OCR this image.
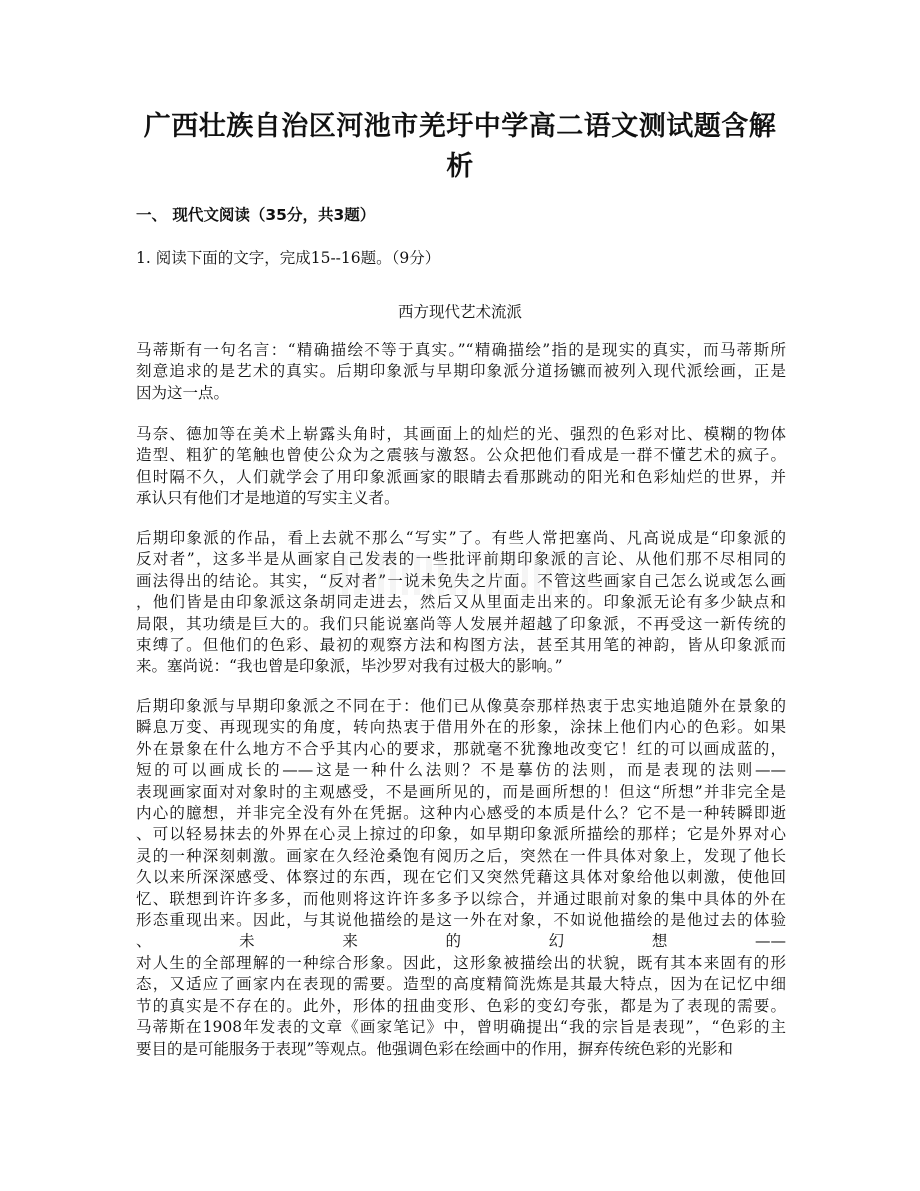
广西壮族自治区河池市羌圩中学高二语文测试题含解
析
一、 现代文阅读（35分，共3题）
1. 阅读下面的文字，完成15--16题。（9分）
西方现代艺术流派
马蒂斯有一句名言：“精确描绘不等于真实。”“精确描绘”指的是现实的真实，而马蒂斯所
刻意追求的是艺术的真实。后期印象派与早期印象派分道扬镳而被列入现代派绘画，正是
因为这一点。
马奈、德加等在美术上崭露头角时，其画面上的灿烂的光、强烈的色彩对比、模糊的物体
造型、粗犷的笔触也曾使公众为之震骇与激怒。公众把他们看成是一群不懂艺术的疯子。
但时隔不久，人们就学会了用印象派画家的眼睛去看那跳动的阳光和色彩灿烂的世界，并
承认只有他们才是地道的写实主义者。
后期印象派的作品，看上去就不那么“写实”了。有些人常把塞尚、凡高说成是“印象派的
反对者”，这多半是从画家自己发表的一些批评前期印象派的言论、从他们那不尽相同的
画法得出的结论。其实，“反对者”一说未免失之片面。不管这些画家自己怎么说或怎么画
，他们皆是由印象派这条胡同走进去，然后又从里面走出来的。印象派无论有多少缺点和
局限，其功绩是巨大的。我们只能说塞尚等人发展并超越了印象派，不再受这一新传统的
束缚了。但他们的色彩、最初的观察方法和构图方法，甚至其用笔的神韵，皆从印象派而
来。塞尚说：“我也曾是印象派，毕沙罗对我有过极大的影响。”
后期印象派与早期印象派之不同在于：他们已从像莫奈那样热衷于忠实地追随外在景象的
瞬息万变、再现现实的角度，转向热衷于借用外在的形象，涂抹上他们内心的色彩。如果
外在景象在什么地方不合乎其内心的要求，那就毫不犹豫地改变它！红的可以画成蓝的，
短的可以画成长的——这是一种什么法则？不是摹仿的法则，而是表现的法则——
表现画家面对对象时的主观感受，不是画所见的，而是画所想的！但这“所想”并非完全是
内心的臆想，并非完全没有外在凭据。这种内心感受的本质是什么？它不是一种转瞬即逝
、可以轻易抹去的外界在心灵上掠过的印象，如早期印象派所描绘的那样；它是外界对心
灵的一种深刻刺激。画家在久经沧桑饱有阅历之后，突然在一件具体对象上，发现了他长
久以来所深深感受、体察过的东西，现在它们又突然凭藉这具体对象给他以刺激，使他回
忆、联想到许许多多，而他则将这许许多多予以综合，并通过眼前对象的集中具体的外在
形态重现出来。因此，与其说他描绘的是这一外在对象，不如说他描绘的是他过去的体验
、未来的幻想——
对人生的全部理解的一种综合形象。因此，这形象被描绘出的状貌，既有其本来固有的形
态，又适应了画家内在表现的需要。造型的高度精简洗炼是其最大特点，因为在记忆中细
节的真实是不存在的。此外，形体的扭曲变形、色彩的变幻夸张，都是为了表现的需要。
马蒂斯在1908年发表的文章《画家笔记》中，曾明确提出“我的宗旨是表现”，“色彩的主
要目的是可能服务于表现”等观点。他强调色彩在绘画中的作用，摒弃传统色彩的光影和
